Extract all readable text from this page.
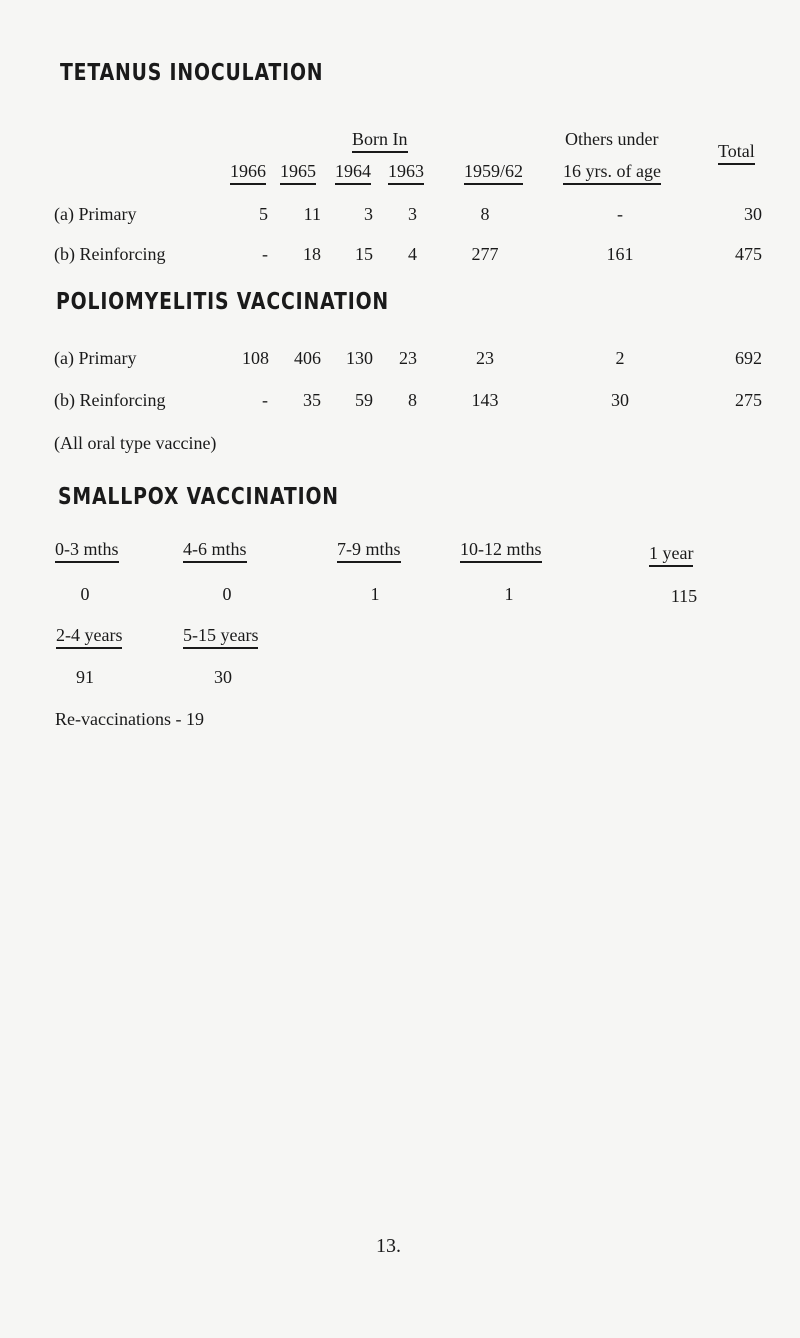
TETANUS INOCULATION
Born In	Others under
Total
1966 1965 1964 1963 1959/62 16 yrs. of age
(a) Primary	5	11	3	3	8	-	30
(b) Reinforcing	-	18	15	4	277	161	475
POLIOMYELITIS VACCINATION
(a) Primary	108	406	130	23	23	2	692
(b) Reinforcing	-	35	59	8	143	30	275
(All oral type vaccine)
SMALLPOX VACCINATION
0-3 mths	4-6 mths	7-9 mths	10-12 mths	1 year
0	0	1	1	115
2-4 years	5-15 years
91	30
Re-vaccinations - 19
13.
